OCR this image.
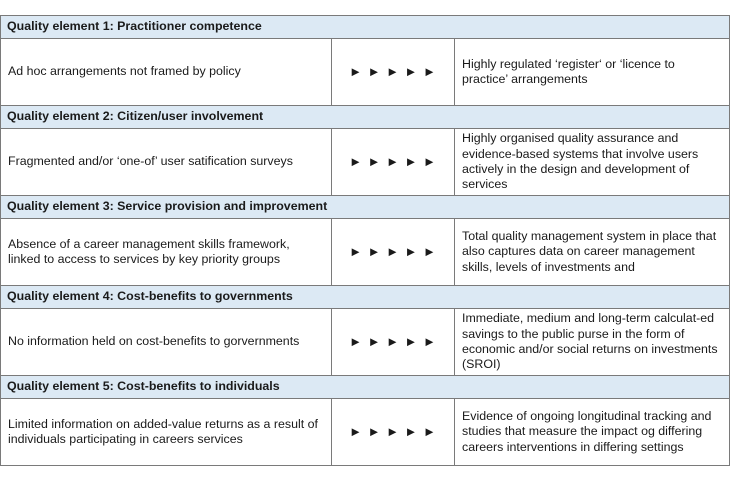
Quality element 1: Practitioner competence		
Ad hoc arrangements not framed by policy	► ► ► ► ►	Highly regulated ‘register‘ or ‘licence to practice’ arrangements
Quality element 2: Citizen/user involvement		
Fragmented and/or ‘one-of’ user satification surveys	► ► ► ► ►	Highly organised quality assurance and evidence-based systems that involve users actively in the design and development of services
Quality element 3: Service provision and improvement		
Absence of a career management skills framework, linked to access to services by key priority groups	► ► ► ► ►	Total quality management system in place that also captures data on career management skills, levels of investments and
Quality element 4: Cost-benefits to governments		
No information held on cost-benefits to gorvernments	► ► ► ► ►	Immediate, medium and long-term calculat-ed savings to the public purse in the form of economic and/or social returns on investments (SROI)
Quality element 5: Cost-benefits to individuals		
Limited information on added-value returns as a result of individuals participating in careers services	► ► ► ► ►	Evidence of ongoing longitudinal tracking and studies that measure the impact og differing careers interventions in differing settings
